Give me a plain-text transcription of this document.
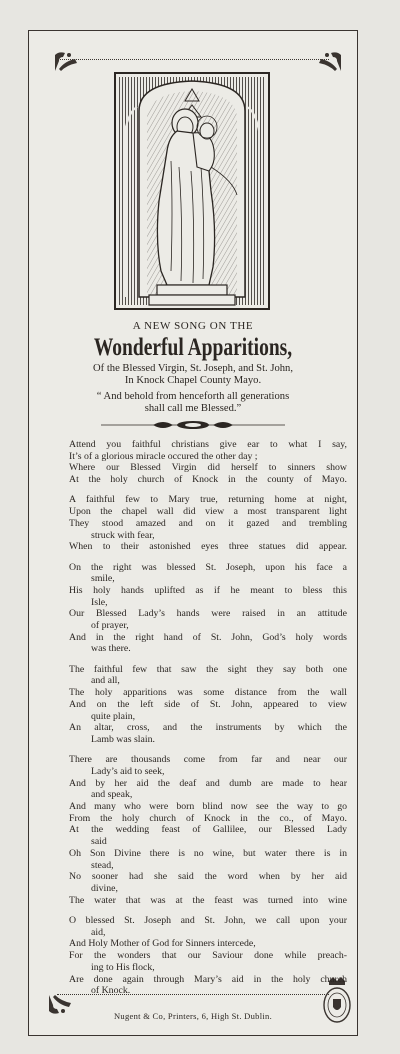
A NEW SONG ON THE
Wonderful Apparitions,
Of the Blessed Virgin, St. Joseph, and St. John,
In Knock Chapel County Mayo.
“ And behold from henceforth all generations
shall call me Blessed.”
Attend you faithful christians give ear to what I say,
It’s of a glorious miracle occured the other day ;
Where our Blessed Virgin did herself to sinners show
At the holy church of Knock in the county of Mayo.
A faithful few to Mary true, returning home at night,
Upon the chapel wall did view a most transparent light
They stood amazed and on it gazed and trembling
struck with fear,
When to their astonished eyes three statues did appear.
On the right was blessed St. Joseph, upon his face a
smile,
His holy hands uplifted as if he meant to bless this
Isle,
Our Blessed Lady’s hands were raised in an attitude
of prayer,
And in the right hand of St. John, God’s holy words
was there.
The faithful few that saw the sight they say both one
and all,
The holy apparitions was some distance from the wall
And on the left side of St. John, appeared to view
quite plain,
An altar, cross, and the instruments by which the
Lamb was slain.
There are thousands come from far and near our
Lady’s aid to seek,
And by her aid the deaf and dumb are made to hear
and speak,
And many who were born blind now see the way to go
From the holy church of Knock in the co., of Mayo.
At the wedding feast of Gallilee, our Blessed Lady
said
Oh Son Divine there is no wine, but water there is in
stead,
No sooner had she said the word when by her aid
divine,
The water that was at the feast was turned into wine
O blessed St. Joseph and St. John, we call upon your
aid,
And Holy Mother of God for Sinners intercede,
For the wonders that our Saviour done while preach-
ing to His flock,
Are done again through Mary’s aid in the holy church
of Knock.
Nugent & Co, Printers, 6, High St. Dublin.
